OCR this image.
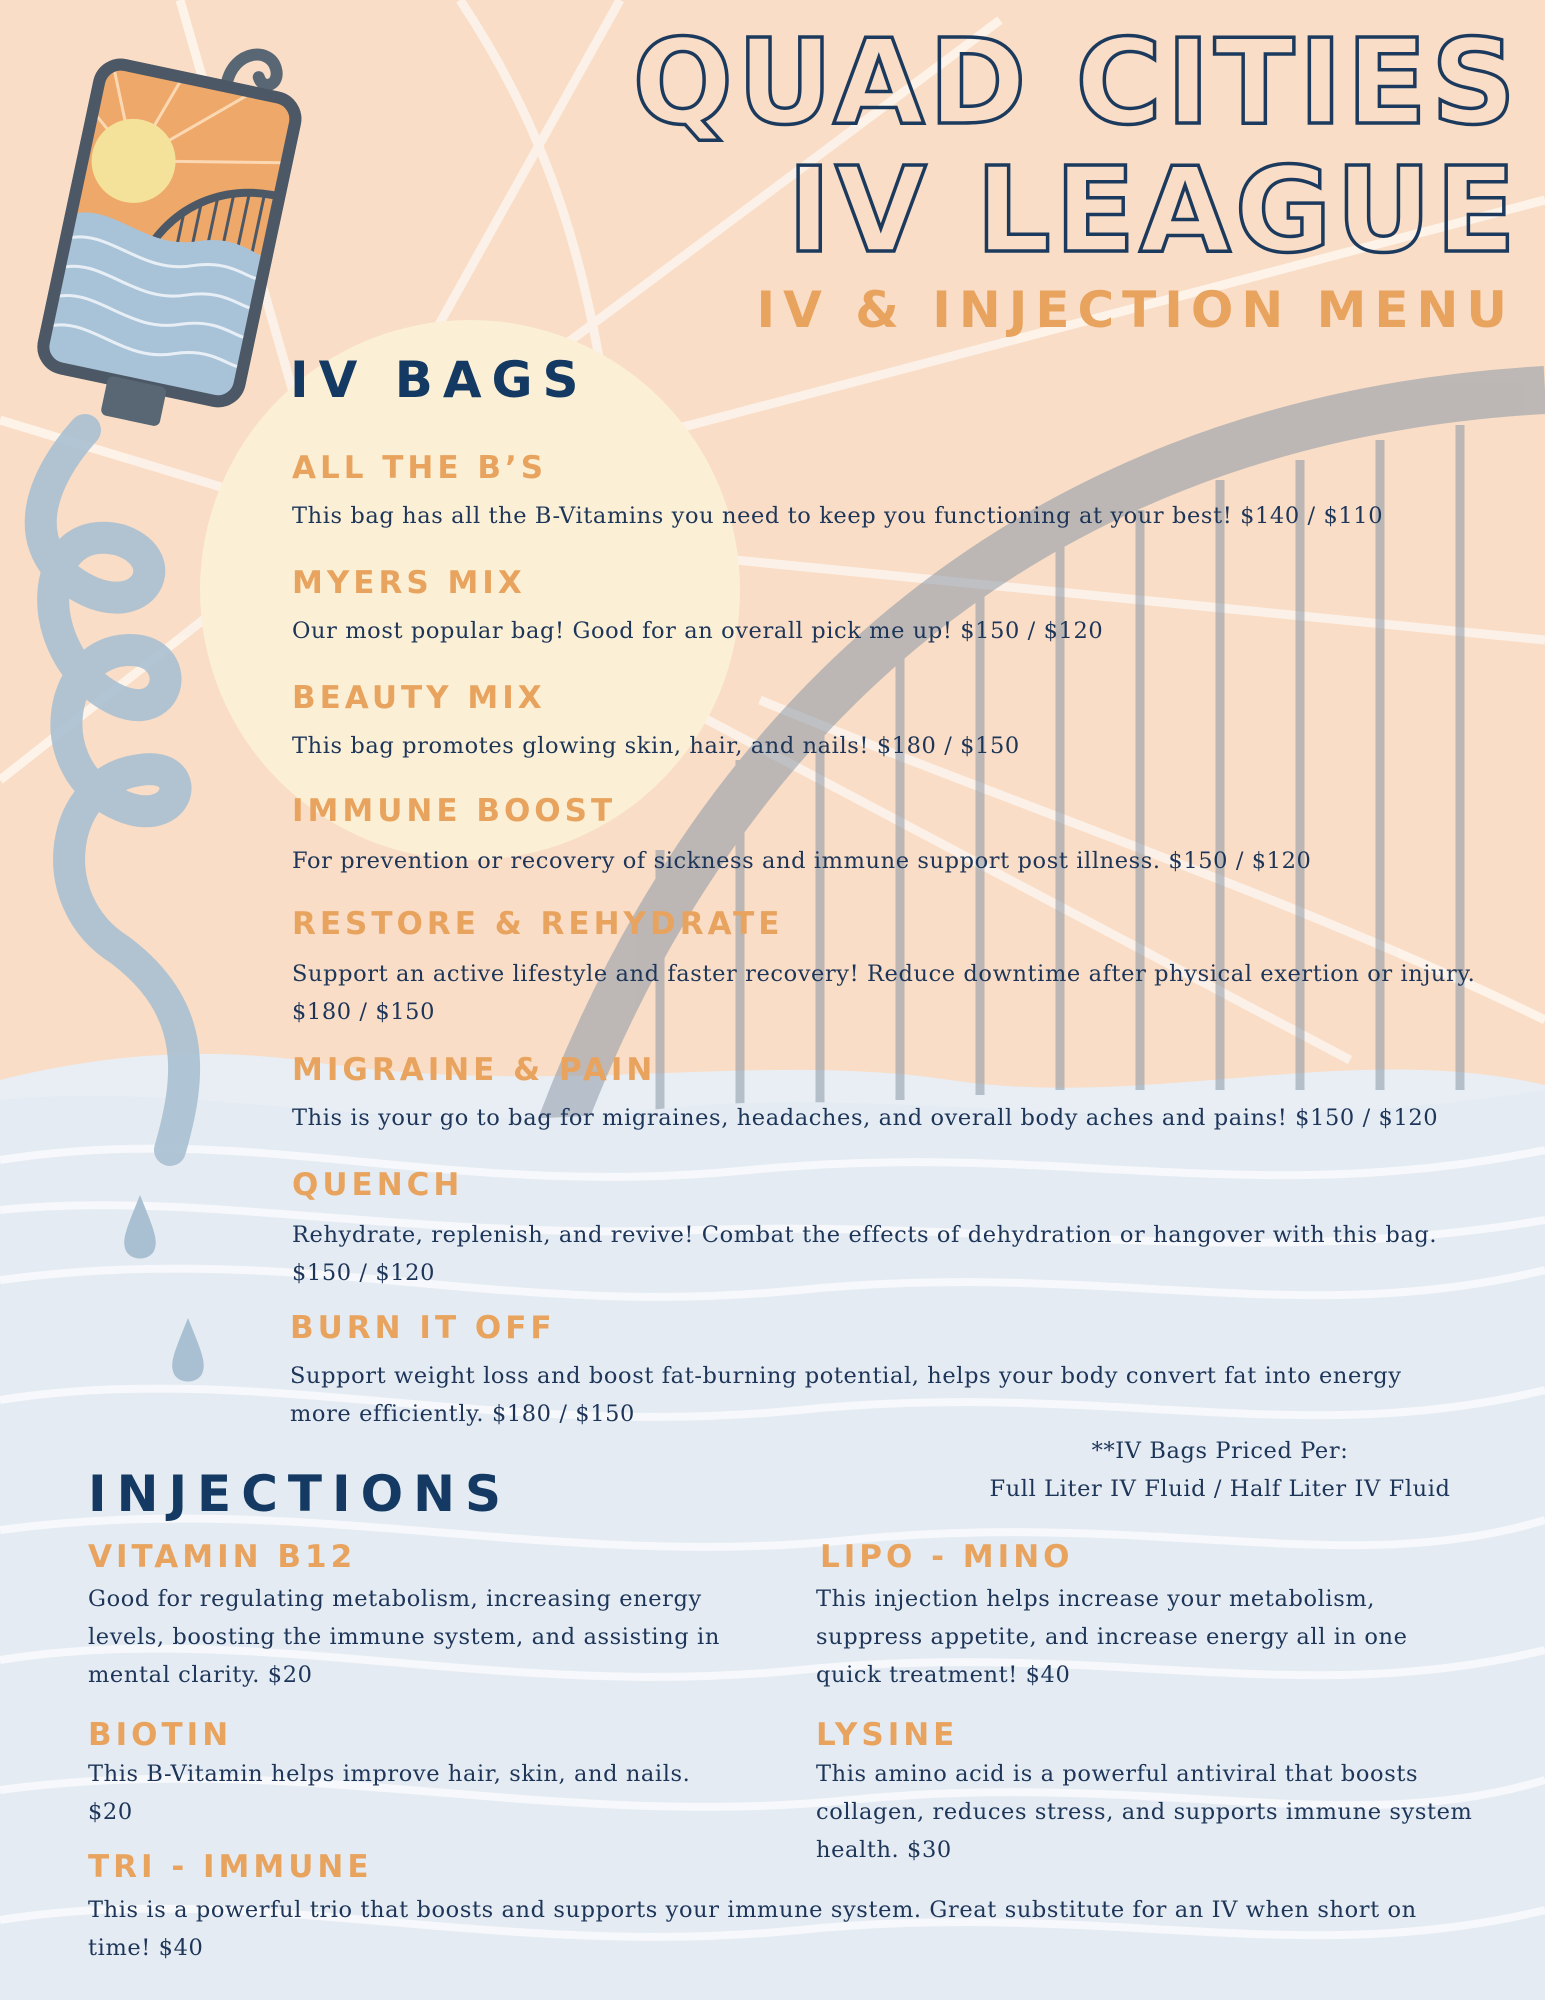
QUAD CITIES
IV LEAGUE
IV & INJECTION MENU
IV BAGS
ALL THE B’S
This bag has all the B-Vitamins you need to keep you functioning at your best! $140 / $110
MYERS MIX
Our most popular bag! Good for an overall pick me up! $150 / $120
BEAUTY MIX
This bag promotes glowing skin, hair, and nails! $180 / $150
IMMUNE BOOST
For prevention or recovery of sickness and immune support post illness. $150 / $120
RESTORE & REHYDRATE
Support an active lifestyle and faster recovery! Reduce downtime after physical exertion or injury. $180 / $150
MIGRAINE & PAIN
This is your go to bag for migraines, headaches, and overall body aches and pains! $150 / $120
QUENCH
Rehydrate, replenish, and revive! Combat the effects of dehydration or hangover with this bag. $150 / $120
BURN IT OFF
Support weight loss and boost fat-burning potential, helps your body convert fat into energy more efficiently. $180 / $150
**IV Bags Priced Per:
Full Liter IV Fluid / Half Liter IV Fluid
INJECTIONS
VITAMIN B12
Good for regulating metabolism, increasing energy levels, boosting the immune system, and assisting in mental clarity. $20
LIPO - MINO
This injection helps increase your metabolism, suppress appetite, and increase energy all in one quick treatment! $40
BIOTIN
This B-Vitamin helps improve hair, skin, and nails. $20
LYSINE
This amino acid is a powerful antiviral that boosts collagen, reduces stress, and supports immune system health. $30
TRI - IMMUNE
This is a powerful trio that boosts and supports your immune system. Great substitute for an IV when short on time! $40
